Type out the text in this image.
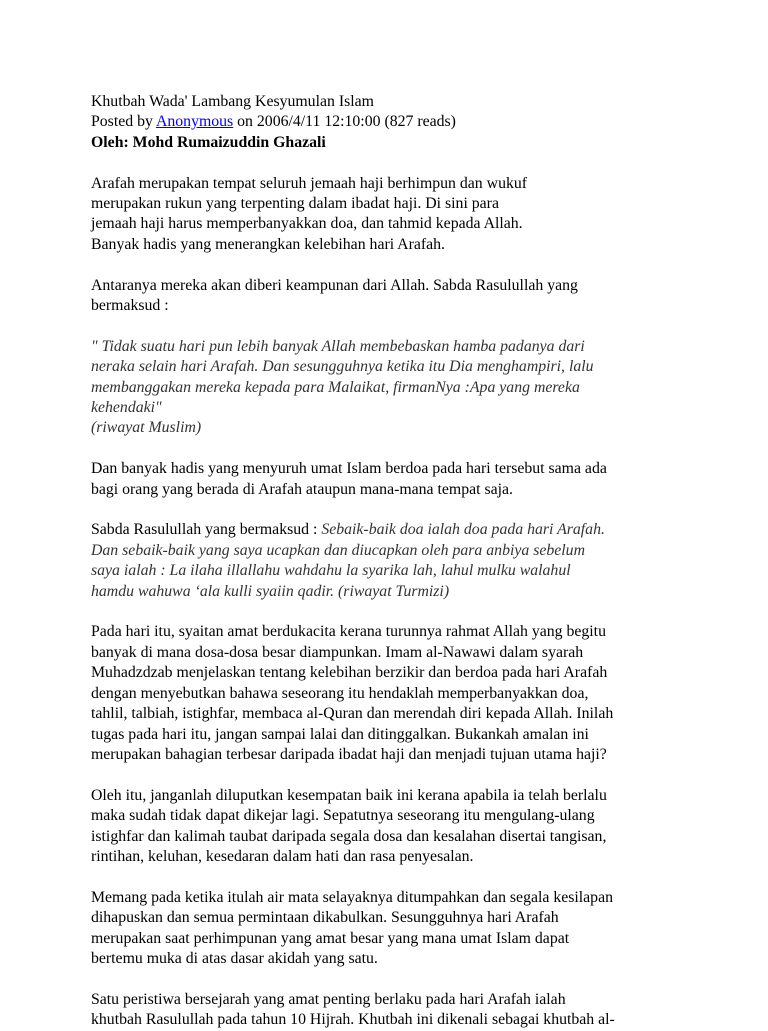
Khutbah Wada' Lambang Kesyumulan Islam
Posted by Anonymous on 2006/4/11 12:10:00 (827 reads)
Oleh: Mohd Rumaizuddin Ghazali
Arafah merupakan tempat seluruh jemaah haji berhimpun dan wukuf
merupakan rukun yang terpenting dalam ibadat haji. Di sini para
jemaah haji harus memperbanyakkan doa, dan tahmid kepada Allah.
Banyak hadis yang menerangkan kelebihan hari Arafah.
Antaranya mereka akan diberi keampunan dari Allah. Sabda Rasulullah yang
bermaksud :
" Tidak suatu hari pun lebih banyak Allah membebaskan hamba padanya dari
neraka selain hari Arafah. Dan sesungguhnya ketika itu Dia menghampiri, lalu
membanggakan mereka kepada para Malaikat, firmanNya :Apa yang mereka
kehendaki"
(riwayat Muslim)
Dan banyak hadis yang menyuruh umat Islam berdoa pada hari tersebut sama ada
bagi orang yang berada di Arafah ataupun mana-mana tempat saja.
Sabda Rasulullah yang bermaksud : Sebaik-baik doa ialah doa pada hari Arafah.
Dan sebaik-baik yang saya ucapkan dan diucapkan oleh para anbiya sebelum
saya ialah : La ilaha illallahu wahdahu la syarika lah, lahul mulku walahul
hamdu wahuwa ‘ala kulli syaiin qadir. (riwayat Turmizi)
Pada hari itu, syaitan amat berdukacita kerana turunnya rahmat Allah yang begitu
banyak di mana dosa-dosa besar diampunkan. Imam al-Nawawi dalam syarah
Muhadzdzab menjelaskan tentang kelebihan berzikir dan berdoa pada hari Arafah
dengan menyebutkan bahawa seseorang itu hendaklah memperbanyakkan doa,
tahlil, talbiah, istighfar, membaca al-Quran dan merendah diri kepada Allah. Inilah
tugas pada hari itu, jangan sampai lalai dan ditinggalkan. Bukankah amalan ini
merupakan bahagian terbesar daripada ibadat haji dan menjadi tujuan utama haji?
Oleh itu, janganlah diluputkan kesempatan baik ini kerana apabila ia telah berlalu
maka sudah tidak dapat dikejar lagi. Sepatutnya seseorang itu mengulang-ulang
istighfar dan kalimah taubat daripada segala dosa dan kesalahan disertai tangisan,
rintihan, keluhan, kesedaran dalam hati dan rasa penyesalan.
Memang pada ketika itulah air mata selayaknya ditumpahkan dan segala kesilapan
dihapuskan dan semua permintaan dikabulkan. Sesungguhnya hari Arafah
merupakan saat perhimpunan yang amat besar yang mana umat Islam dapat
bertemu muka di atas dasar akidah yang satu.
Satu peristiwa bersejarah yang amat penting berlaku pada hari Arafah ialah
khutbah Rasulullah pada tahun 10 Hijrah. Khutbah ini dikenali sebagai khutbah al-
